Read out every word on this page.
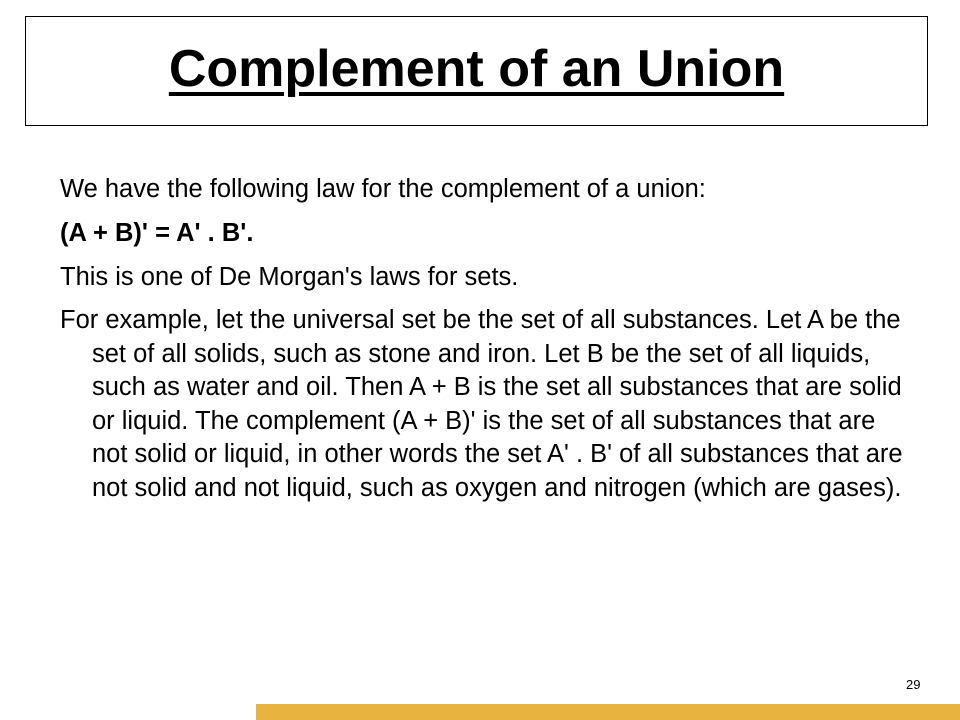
Complement of an Union

We have the following law for the complement of a union:

(A + B)' = A' . B'.

This is one of De Morgan's laws for sets.

For example, let the universal set be the set of all substances. Let A be the set of all solids, such as stone and iron. Let B be the set of all liquids, such as water and oil. Then A + B is the set all substances that are solid or liquid. The complement (A + B)' is the set of all substances that are not solid or liquid, in other words the set A' . B' of all substances that are not solid and not liquid, such as oxygen and nitrogen (which are gases).

29
